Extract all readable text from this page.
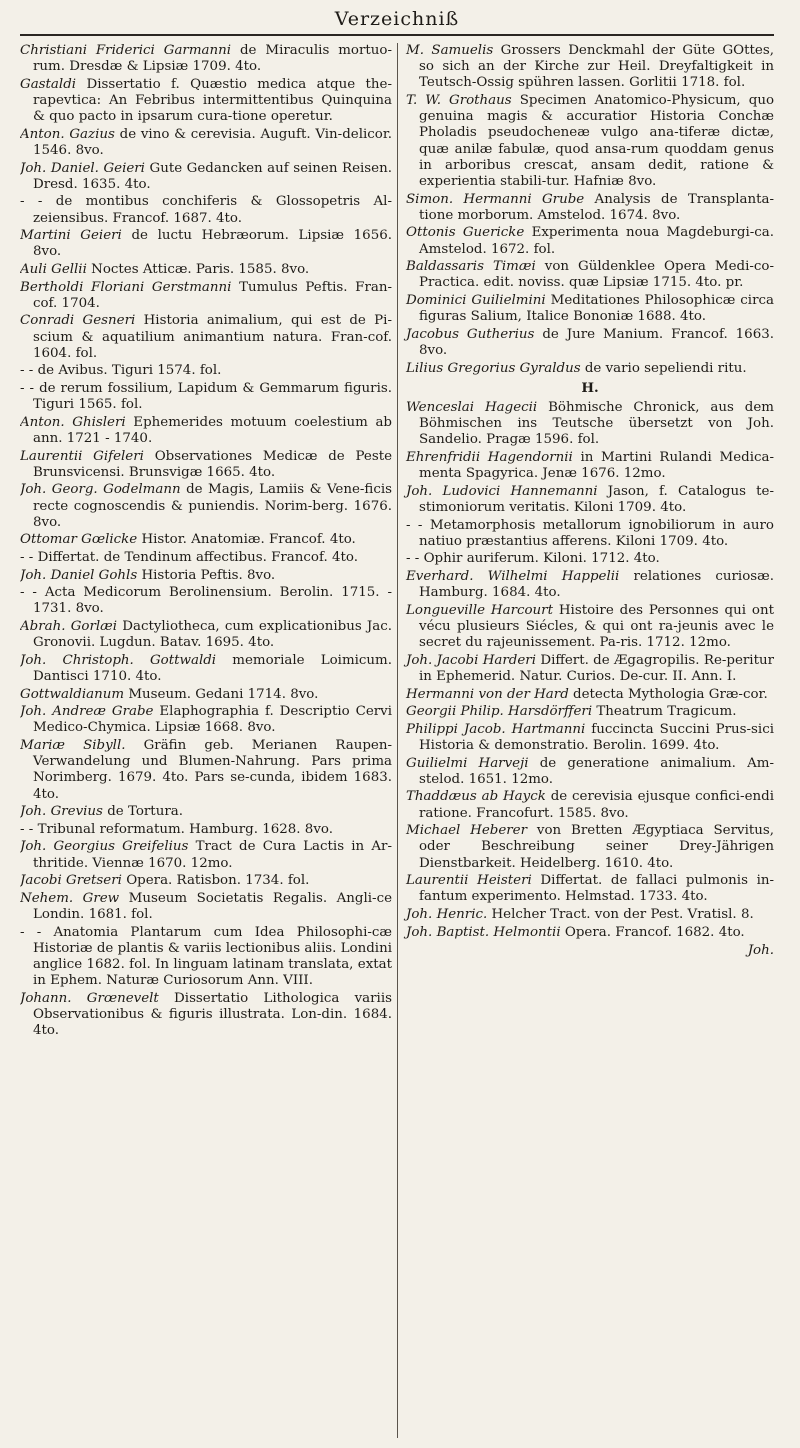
Verzeichniß

Christiani Friderici Garmanni de Miraculis mortuo-rum. Dresdæ & Lipsiæ 1709. 4to.

Gastaldi Dissertatio f. Quæstio medica atque the-rapevtica: An Febribus intermittentibus Quinquina & quo pacto in ipsarum cura-tione operetur.

Anton. Gazius de vino & cerevisia. Auguft. Vin-delicor. 1546. 8vo.

Joh. Daniel. Geieri Gute Gedancken auf seinen Reisen. Dresd. 1635. 4to.

- - de montibus conchiferis & Glossopetris Al-zeiensibus. Francof. 1687. 4to.

Martini Geieri de luctu Hebræorum. Lipsiæ 1656. 8vo.

Auli Gellii Noctes Atticæ. Paris. 1585. 8vo.

Bertholdi Floriani Gerstmanni Tumulus Peftis. Fran-cof. 1704.

Conradi Gesneri Historia animalium, qui est de Pi-scium & aquatilium animantium natura. Fran-cof. 1604. fol.

- - de Avibus. Tiguri 1574. fol.

- - de rerum fossilium, Lapidum & Gemmarum figuris. Tiguri 1565. fol.

Anton. Ghisleri Ephemerides motuum coelestium ab ann. 1721 - 1740.

Laurentii Gifeleri Observationes Medicæ de Peste Brunsvicensi. Brunsvigæ 1665. 4to.

Joh. Georg. Godelmann de Magis, Lamiis & Vene-ficis recte cognoscendis & puniendis. Norim-berg. 1676. 8vo.

Ottomar Gœlicke Histor. Anatomiæ. Francof. 4to.

- - Differtat. de Tendinum affectibus. Francof. 4to.

Joh. Daniel Gohls Historia Peftis. 8vo.

- - Acta Medicorum Berolinensium. Berolin. 1715. - 1731. 8vo.

Abrah. Gorlæi Dactyliotheca, cum explicationibus Jac. Gronovii. Lugdun. Batav. 1695. 4to.

Joh. Christoph. Gottwaldi memoriale Loimicum. Dantisci 1710. 4to.

Gottwaldianum Museum. Gedani 1714. 8vo.

Joh. Andreæ Grabe Elaphographia f. Descriptio Cervi Medico-Chymica. Lipsiæ 1668. 8vo.

Mariæ Sibyll. Gräfin geb. Merianen Raupen-Verwandelung und Blumen-Nahrung. Pars prima Norimberg. 1679. 4to. Pars se-cunda, ibidem 1683. 4to.

Joh. Grevius de Tortura.

- - Tribunal reformatum. Hamburg. 1628. 8vo.

Joh. Georgius Greifelius Tract de Cura Lactis in Ar-thritide. Viennæ 1670. 12mo.

Jacobi Gretseri Opera. Ratisbon. 1734. fol.

Nehem. Grew Museum Societatis Regalis. Angli-ce Londin. 1681. fol.

- - Anatomia Plantarum cum Idea Philosophi-cæ Historiæ de plantis & variis lectionibus aliis. Londini anglice 1682. fol. In linguam latinam translata, extat in Ephem. Naturæ Curiosorum Ann. VIII.

Johann. Grœnevelt Dissertatio Lithologica variis Observationibus & figuris illustrata. Lon-din. 1684. 4to.

M. Samuelis Grossers Denckmahl der Güte GOttes, so sich an der Kirche zur Heil. Dreyfaltigkeit in Teutsch-Ossig spühren lassen. Gorlitii 1718. fol.

T. W. Grothaus Specimen Anatomico-Physicum, quo genuina magis & accuratior Historia Conchæ Pholadis pseudocheneæ vulgo ana-tiferæ dictæ, quæ anilæ fabulæ, quod ansa-rum quoddam genus in arboribus crescat, ansam dedit, ratione & experientia stabili-tur. Hafniæ 8vo.

Simon. Hermanni Grube Analysis de Transplanta-tione morborum. Amstelod. 1674. 8vo.

Ottonis Guericke Experimenta noua Magdeburgi-ca. Amstelod. 1672. fol.

Baldassaris Timæi von Güldenklee Opera Medi-co-Practica. edit. noviss. quæ Lipsiæ 1715. 4to. pr.

Dominici Guilielmini Meditationes Philosophicæ circa figuras Salium, Italice Bononiæ 1688. 4to.

Jacobus Gutherius de Jure Manium. Francof. 1663. 8vo.

Lilius Gregorius Gyraldus de vario sepeliendi ritu.

H.

Wenceslai Hagecii Böhmische Chronick, aus dem Böhmischen ins Teutsche übersetzt von Joh. Sandelio. Pragæ 1596. fol.

Ehrenfridii Hagendornii in Martini Rulandi Medica-menta Spagyrica. Jenæ 1676. 12mo.

Joh. Ludovici Hannemanni Jason, f. Catalogus te-stimoniorum veritatis. Kiloni 1709. 4to.

- - Metamorphosis metallorum ignobiliorum in auro natiuo præstantius afferens. Kiloni 1709. 4to.

- - Ophir auriferum. Kiloni. 1712. 4to.

Everhard. Wilhelmi Happelii relationes curiosæ. Hamburg. 1684. 4to.

Longueville Harcourt Histoire des Personnes qui ont vécu plusieurs Siécles, & qui ont ra-jeunis avec le secret du rajeunissement. Pa-ris. 1712. 12mo.

Joh. Jacobi Harderi Differt. de Ægagropilis. Re-peritur in Ephemerid. Natur. Curios. De-cur. II. Ann. I.

Hermanni von der Hard detecta Mythologia Græ-cor.

Georgii Philip. Harsdörfferi Theatrum Tragicum.

Philippi Jacob. Hartmanni fuccincta Succini Prus-sici Historia & demonstratio. Berolin. 1699. 4to.

Guilielmi Harveji de generatione animalium. Am-stelod. 1651. 12mo.

Thaddæus ab Hayck de cerevisia ejusque confici-endi ratione. Francofurt. 1585. 8vo.

Michael Heberer von Bretten Ægyptiaca Servitus, oder Beschreibung seiner Drey-Jährigen Dienstbarkeit. Heidelberg. 1610. 4to.

Laurentii Heisteri Differtat. de fallaci pulmonis in-fantum experimento. Helmstad. 1733. 4to.

Joh. Henric. Helcher Tract. von der Pest. Vratisl. 8.

Joh. Baptist. Helmontii Opera. Francof. 1682. 4to.

Joh.
